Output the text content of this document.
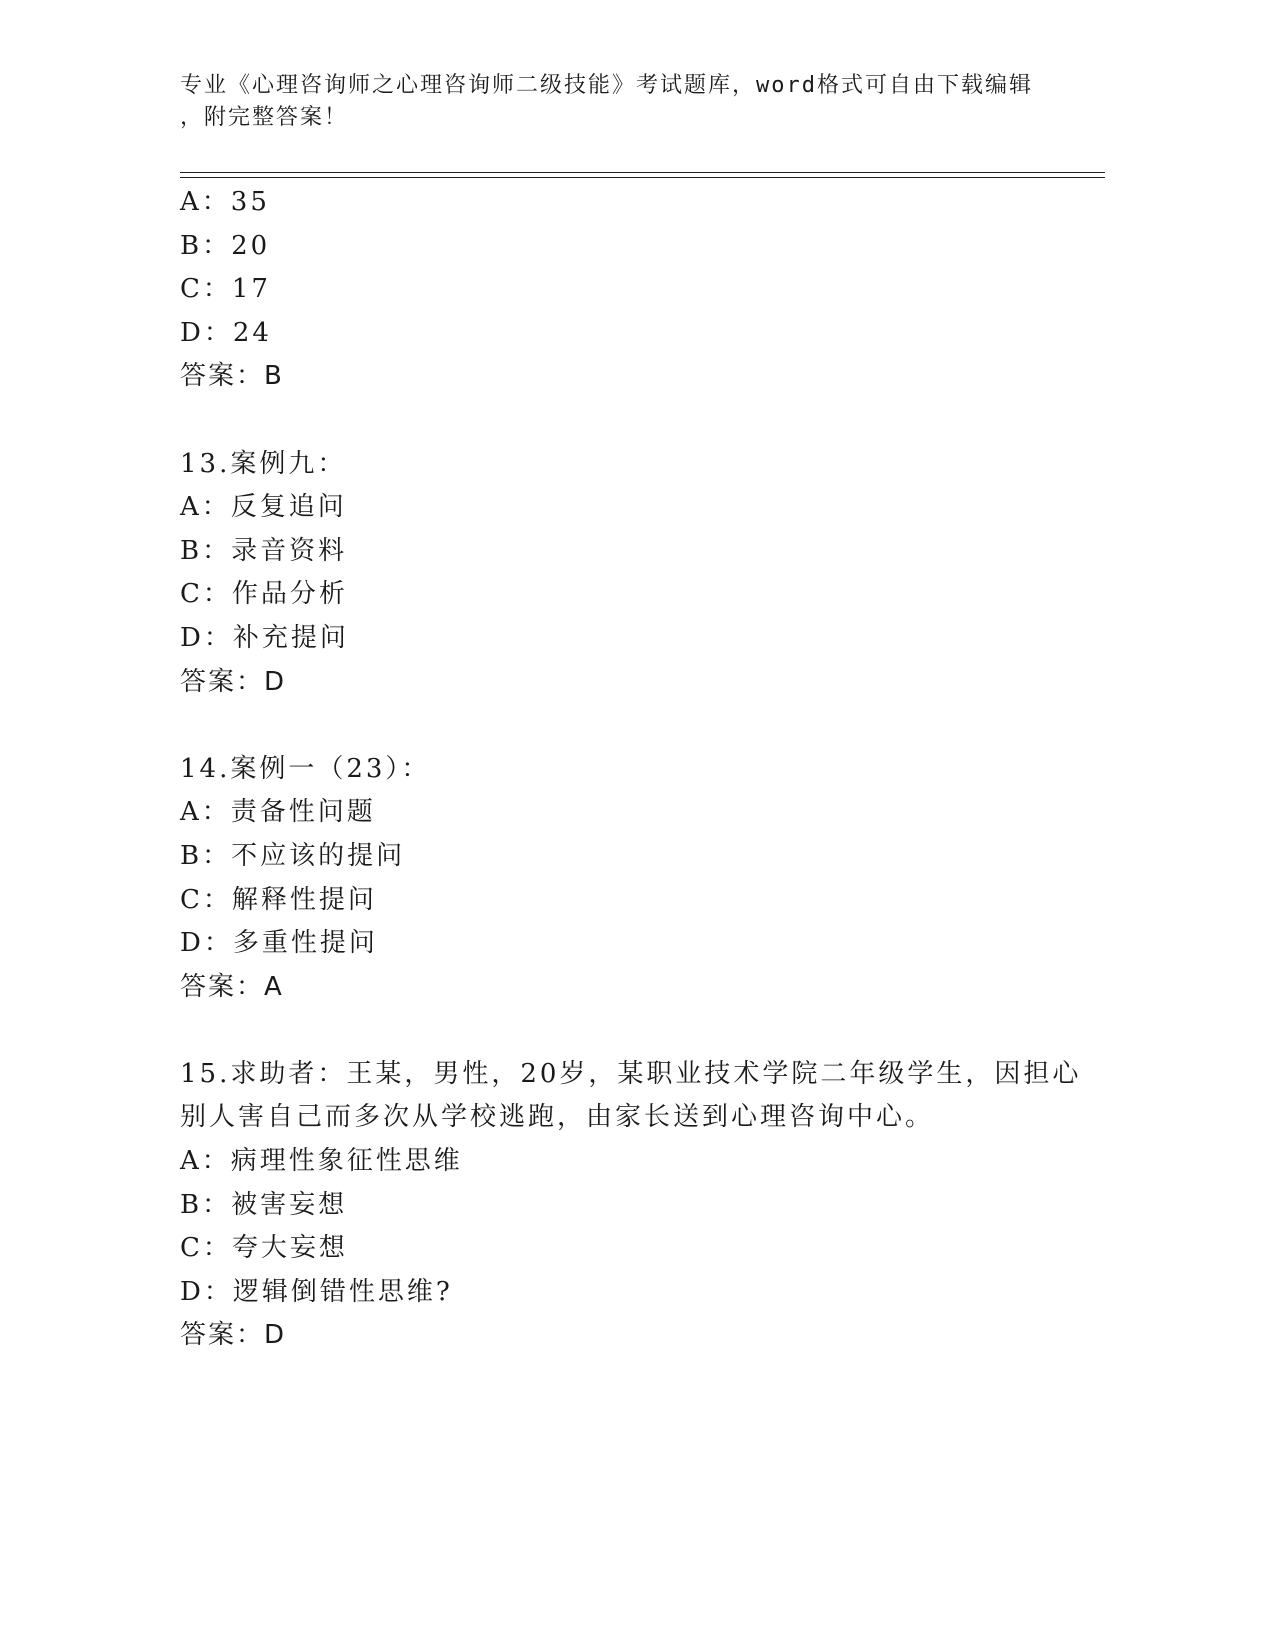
专业《心理咨询师之心理咨询师二级技能》考试题库，word格式可自由下载编辑
，附完整答案！
A：35
B：20
C：17
D：24
答案：B
13.案例九：
A：反复追问
B：录音资料
C：作品分析
D：补充提问
答案：D
14.案例一（23）：
A：责备性问题
B：不应该的提问
C：解释性提问
D：多重性提问
答案：A
15.求助者：王某，男性，20岁，某职业技术学院二年级学生，因担心
别人害自己而多次从学校逃跑，由家长送到心理咨询中心。
A：病理性象征性思维
B：被害妄想
C：夸大妄想
D：逻辑倒错性思维?
答案：D
